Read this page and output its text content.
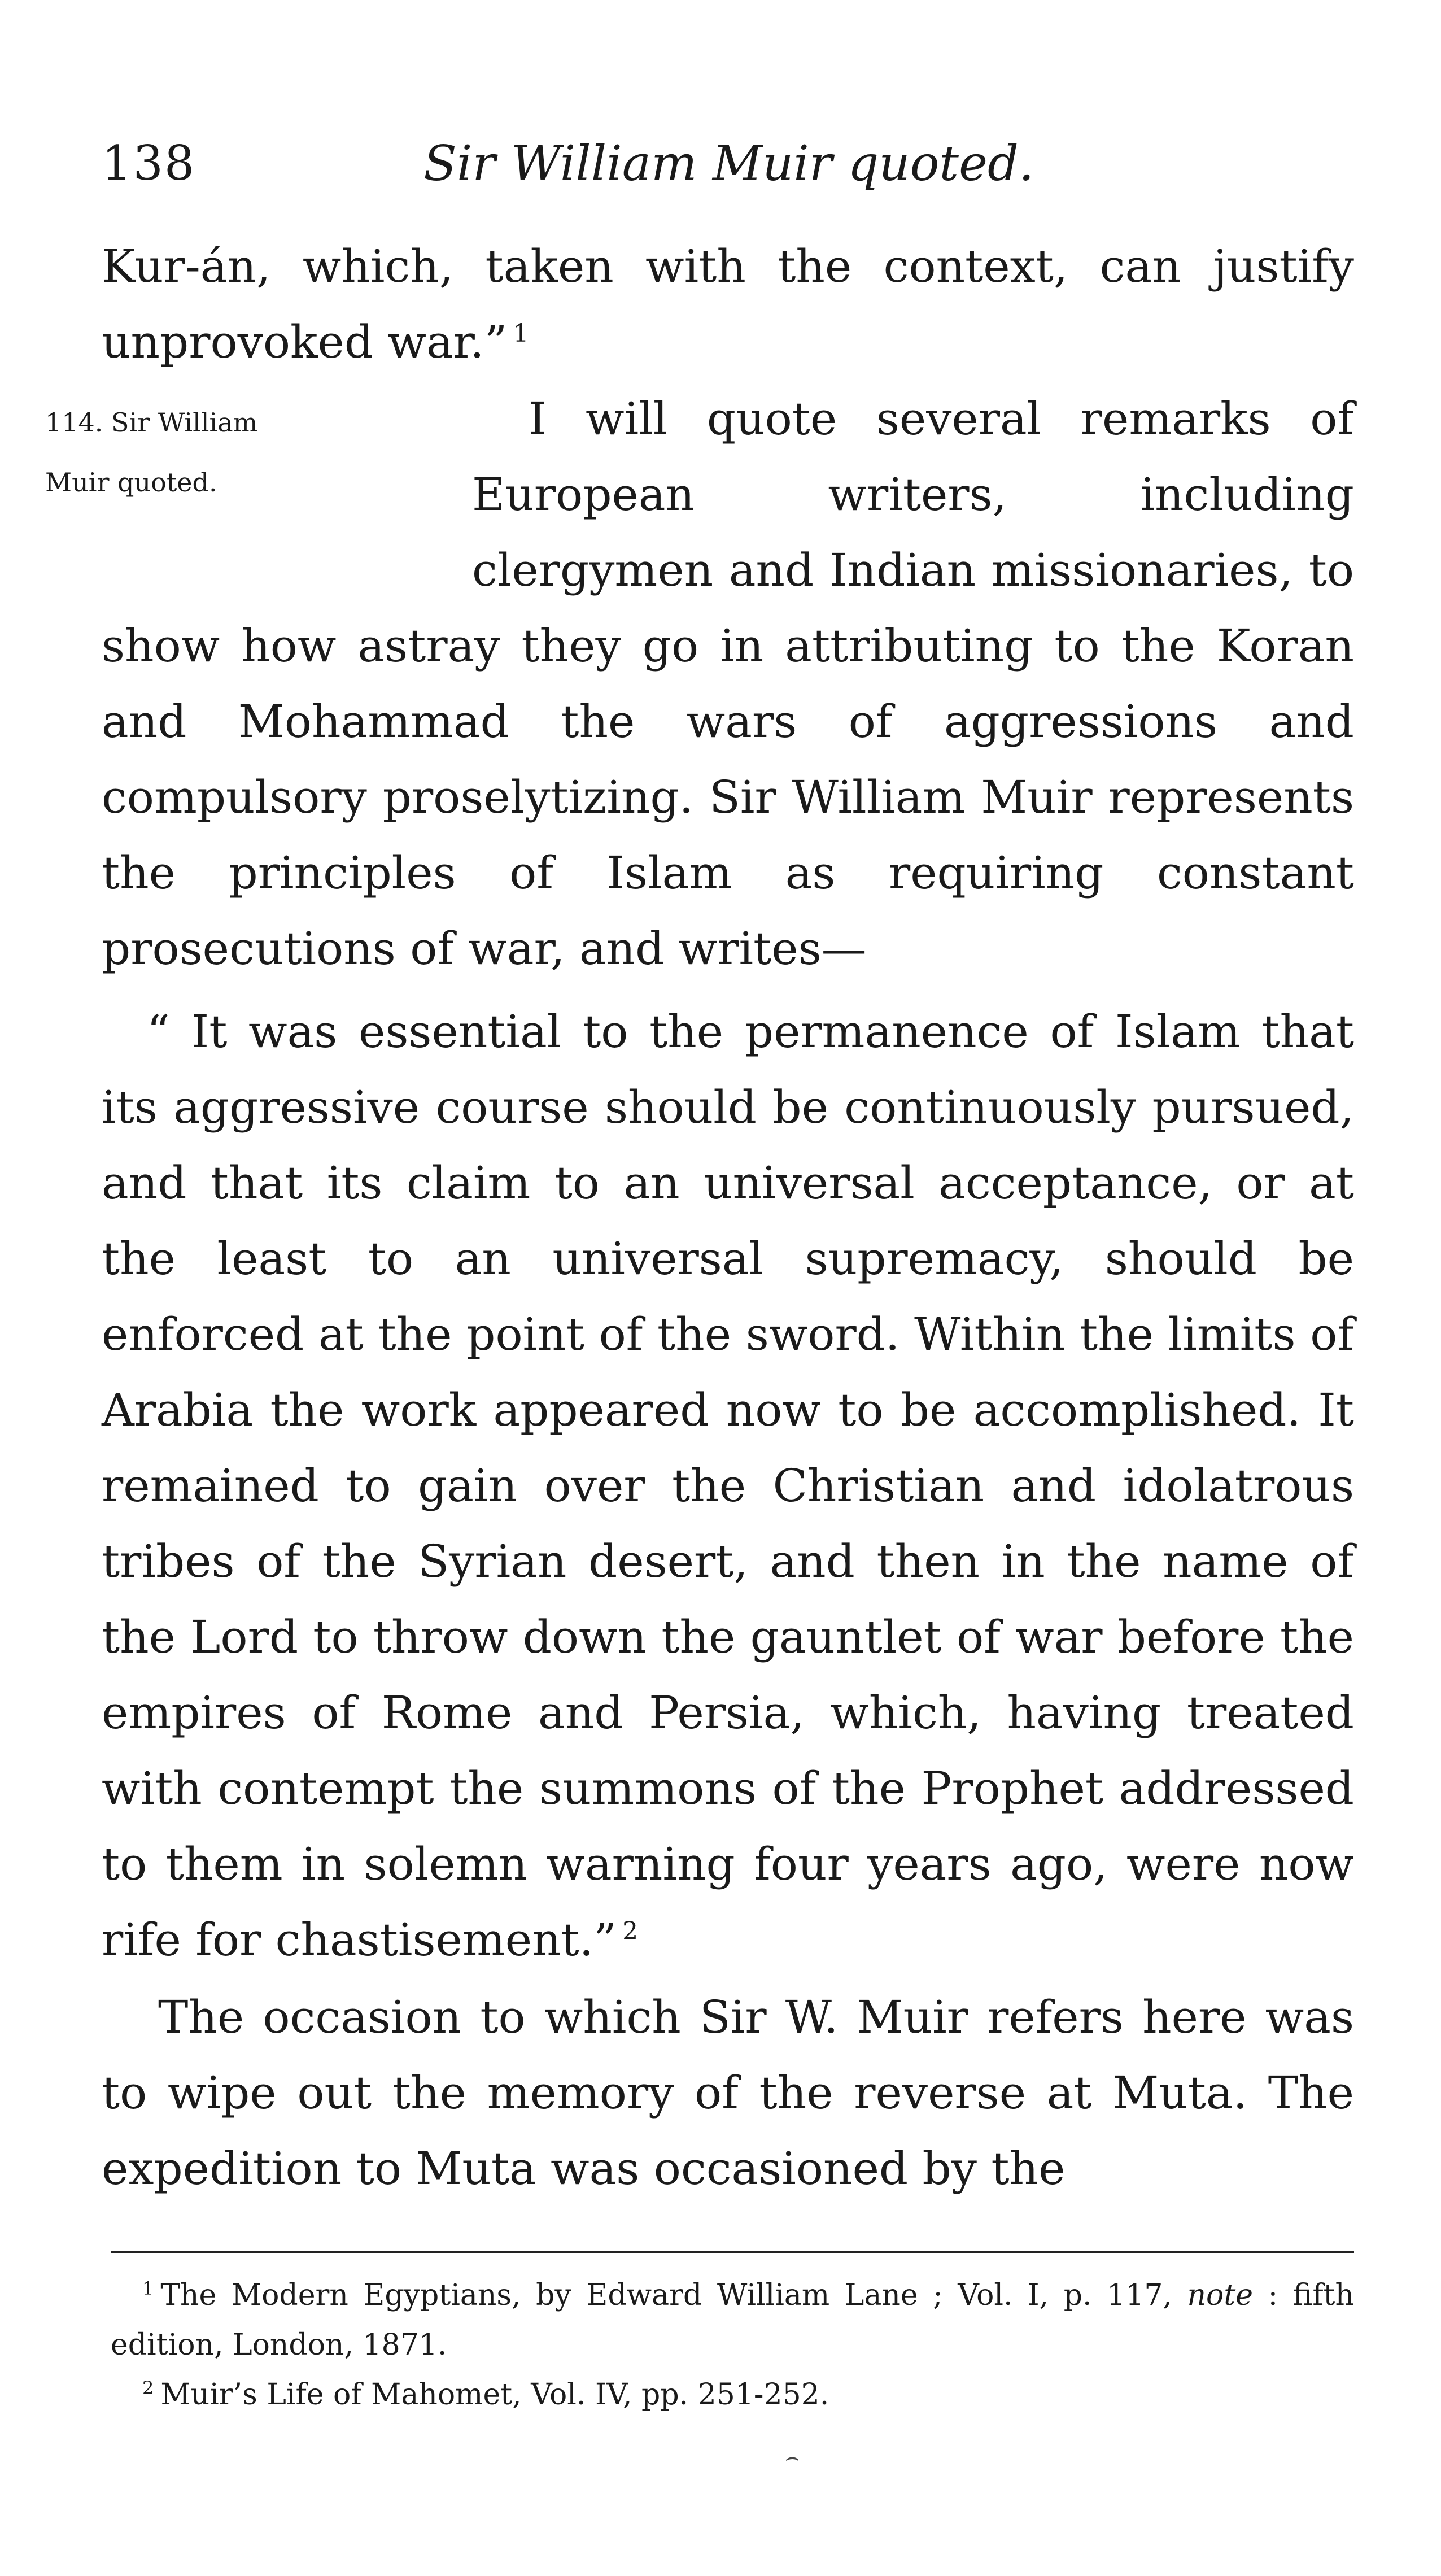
138	Sir William Muir quoted.

Kur-án, which, taken with the context, can justify unprovoked war.” $^1$

114. Sir William
Muir quoted.
I will quote several remarks of European writers, including clergymen and Indian missionaries, to show how astray they go in attributing to the Koran and Mohammad the wars of aggressions and compulsory proselytizing. Sir William Muir represents the principles of Islam as requiring constant prosecutions of war, and writes—

“ It was essential to the permanence of Islam that its aggressive course should be continuously pursued, and that its claim to an universal acceptance, or at the least to an universal supremacy, should be enforced at the point of the sword. Within the limits of Arabia the work appeared now to be accomplished. It remained to gain over the Christian and idolatrous tribes of the Syrian desert, and then in the name of the Lord to throw down the gauntlet of war before the empires of Rome and Persia, which, having treated with contempt the summons of the Prophet addressed to them in solemn warning four years ago, were now rife for chastisement.” $^2$

The occasion to which Sir W. Muir refers here was to wipe out the memory of the reverse at Muta. The expedition to Muta was occasioned by the

$^1$ The Modern Egyptians, by Edward William Lane ; Vol. I, p. 117, note : fifth edition, London, 1871.

$^2$ Muir’s Life of Mahomet, Vol. IV, pp. 251-252.

⌢
